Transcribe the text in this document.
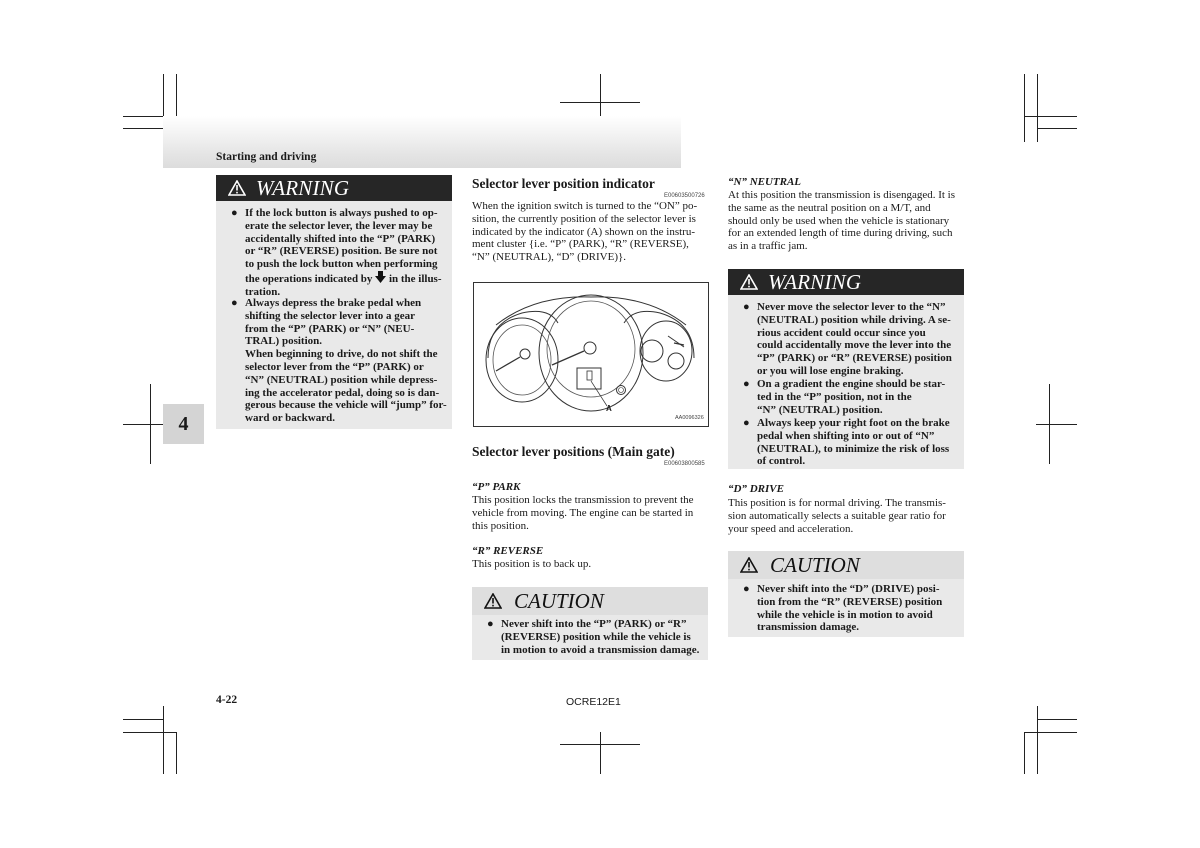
Starting and driving
4
WARNING
● If the lock button is always pushed to op-

erate the selector lever, the lever may be

accidentally shifted into the “P” (PARK)

or “R” (REVERSE) position. Be sure not

to push the lock button when performing

the operations indicated by in the illus-

tration.

● Always depress the brake pedal when

shifting the selector lever into a gear

from the “P” (PARK) or “N” (NEU-

TRAL) position.

When beginning to drive, do not shift the

selector lever from the “P” (PARK) or

“N” (NEUTRAL) position while depress-

ing the accelerator pedal, doing so is dan-

gerous because the vehicle will “jump” for-

ward or backward.

Selector lever position indicator
E00603500726
When the ignition switch is turned to the “ON” po-
sition, the currently position of the selector lever is
indicated by the indicator (A) shown on the instru-
ment cluster {i.e. “P” (PARK), “R” (REVERSE),
“N” (NEUTRAL), “D” (DRIVE)}.
A
AA0096326
Selector lever positions (Main gate)
E00603800585
“P” PARK
This position locks the transmission to prevent the
vehicle from moving. The engine can be started in
this position.
“R” REVERSE
This position is to back up.
CAUTION
● Never shift into the “P” (PARK) or “R”

(REVERSE) position while the vehicle is

in motion to avoid a transmission damage.

“N” NEUTRAL
At this position the transmission is disengaged. It is
the same as the neutral position on a M/T, and
should only be used when the vehicle is stationary
for an extended length of time during driving, such
as in a traffic jam.
WARNING
● Never move the selector lever to the “N”

(NEUTRAL) position while driving. A se-

rious accident could occur since you

could accidentally move the lever into the

“P” (PARK) or “R” (REVERSE) position

or you will lose engine braking.

● On a gradient the engine should be star-

ted in the “P” position, not in the

“N” (NEUTRAL) position.

● Always keep your right foot on the brake

pedal when shifting into or out of “N”

(NEUTRAL), to minimize the risk of loss

of control.

“D” DRIVE
This position is for normal driving. The transmis-
sion automatically selects a suitable gear ratio for
your speed and acceleration.
CAUTION
● Never shift into the “D” (DRIVE) posi-

tion from the “R” (REVERSE) position

while the vehicle is in motion to avoid

transmission damage.

4-22	OCRE12E1
